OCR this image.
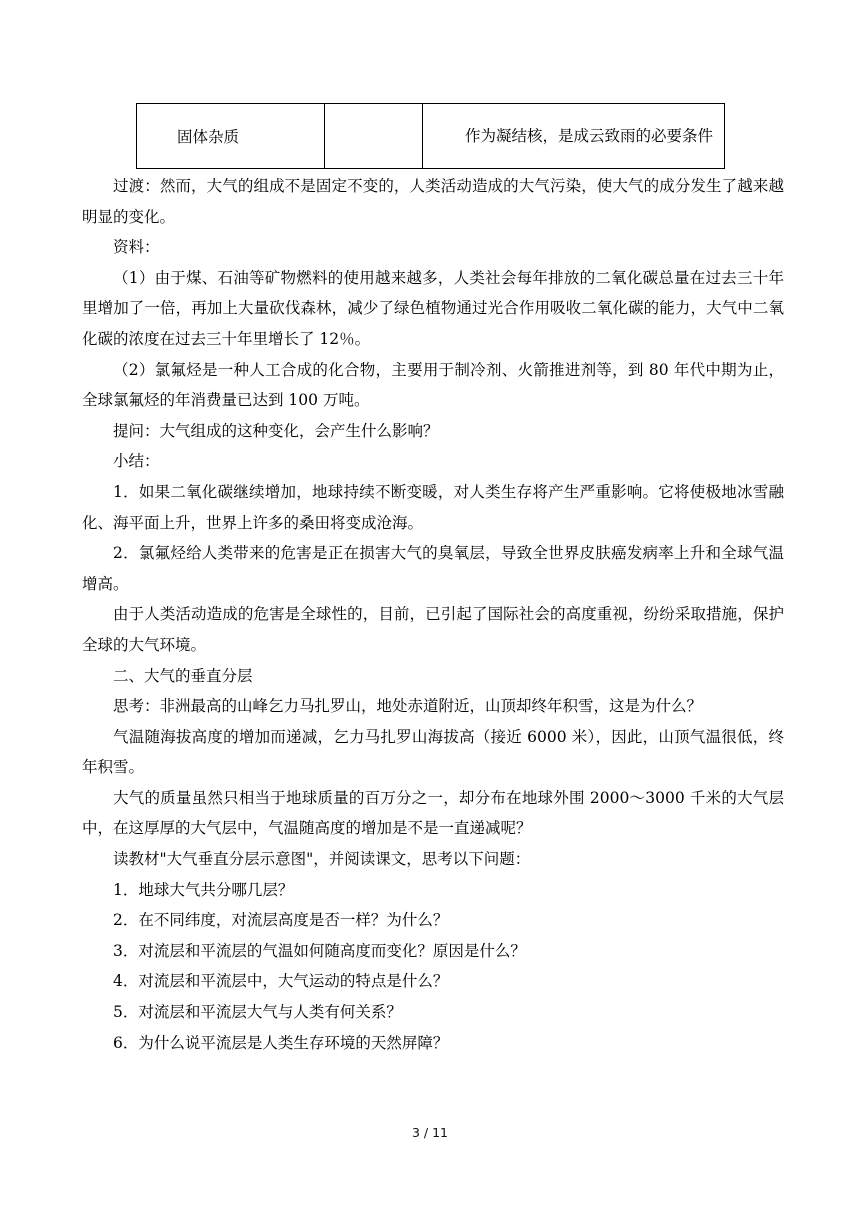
固体杂质		作为凝结核，是成云致雨的必要条件

过渡：然而，大气的组成不是固定不变的，人类活动造成的大气污染，使大气的成分发生了越来越明显的变化。

资料：

（1）由于煤、石油等矿物燃料的使用越来越多，人类社会每年排放的二氧化碳总量在过去三十年里增加了一倍，再加上大量砍伐森林，减少了绿色植物通过光合作用吸收二氧化碳的能力，大气中二氧化碳的浓度在过去三十年里增长了 12％。

（2）氯氟烃是一种人工合成的化合物，主要用于制冷剂、火箭推进剂等，到 80 年代中期为止，全球氯氟烃的年消费量已达到 100 万吨。

提问：大气组成的这种变化，会产生什么影响？

小结：

1．如果二氧化碳继续增加，地球持续不断变暖，对人类生存将产生严重影响。它将使极地冰雪融化、海平面上升，世界上许多的桑田将变成沧海。

2．氯氟烃给人类带来的危害是正在损害大气的臭氧层，导致全世界皮肤癌发病率上升和全球气温增高。

由于人类活动造成的危害是全球性的，目前，已引起了国际社会的高度重视，纷纷采取措施，保护全球的大气环境。

二、大气的垂直分层

思考：非洲最高的山峰乞力马扎罗山，地处赤道附近，山顶却终年积雪，这是为什么？

气温随海拔高度的增加而递减，乞力马扎罗山海拔高（接近 6000 米），因此，山顶气温很低，终年积雪。

大气的质量虽然只相当于地球质量的百万分之一，却分布在地球外围 2000～3000 千米的大气层中，在这厚厚的大气层中，气温随高度的增加是不是一直递减呢？

读教材"大气垂直分层示意图"，并阅读课文，思考以下问题：

1．地球大气共分哪几层？

2．在不同纬度，对流层高度是否一样？为什么？

3．对流层和平流层的气温如何随高度而变化？原因是什么？

4．对流层和平流层中，大气运动的特点是什么？

5．对流层和平流层大气与人类有何关系？

6．为什么说平流层是人类生存环境的天然屏障？

3 / 11
